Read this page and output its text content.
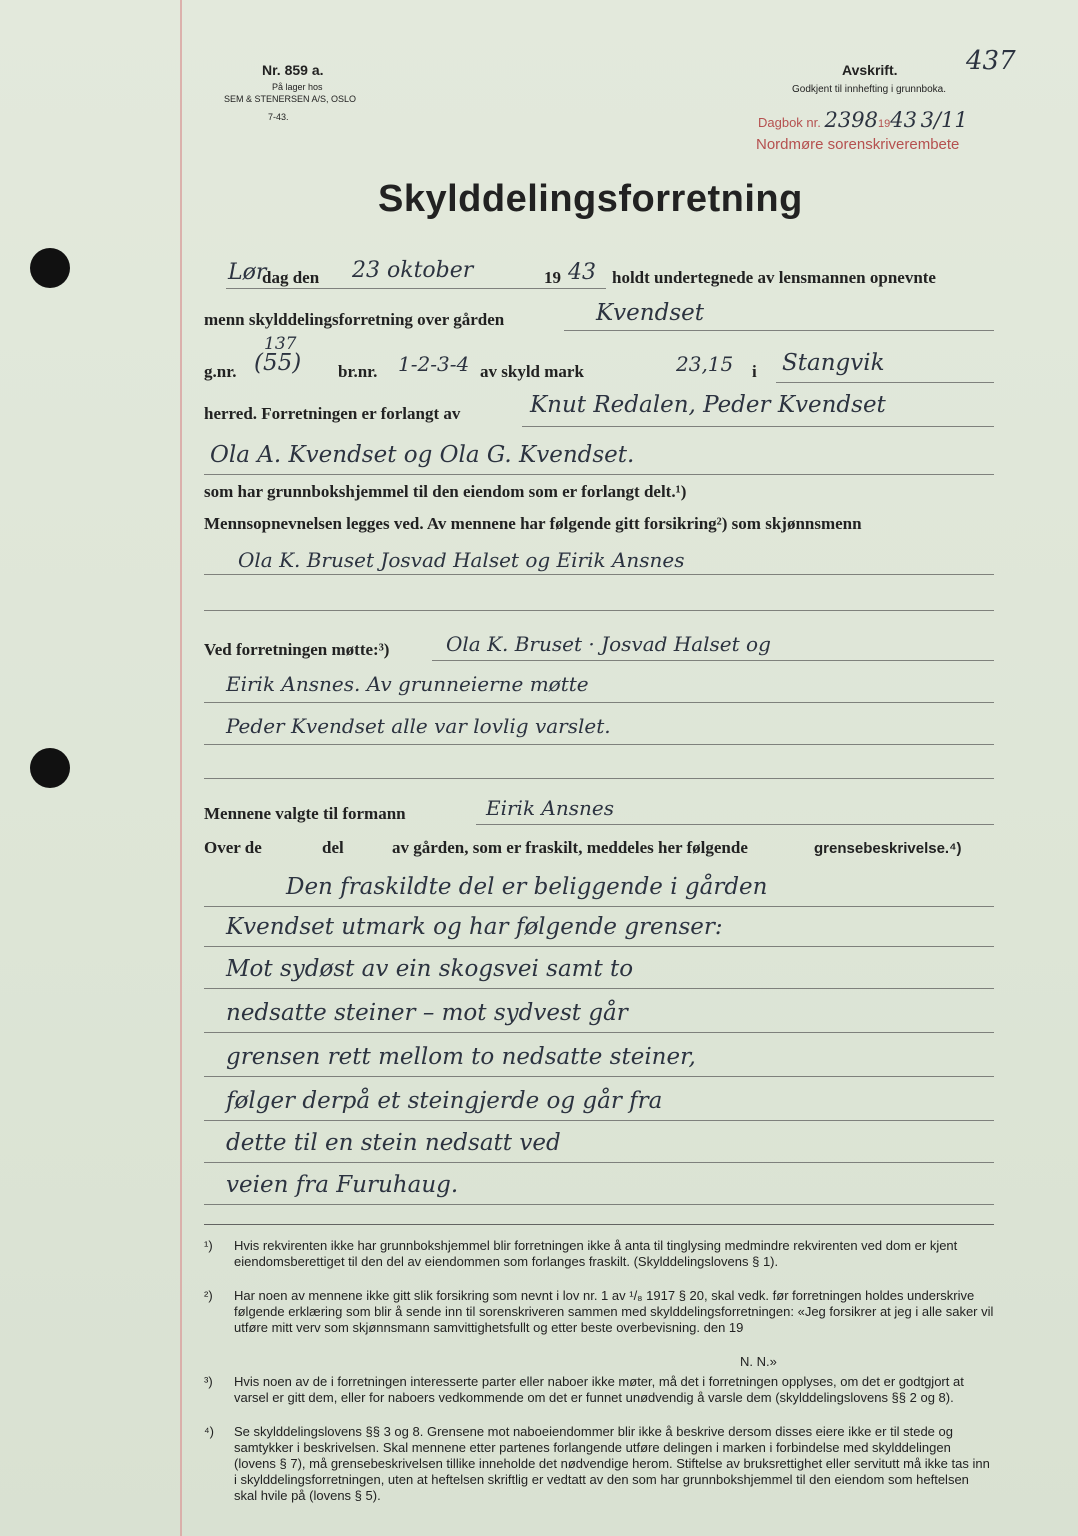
Nr. 859 a.
På lager hos
SEM & STENERSEN A/S, OSLO
7-43.
Avskrift.
Godkjent til innhefting i grunnboka.
437
Dagbok nr. 23981943 3/11
Nordmøre sorenskriverembete
Skylddelingsforretning
Lør
dag den 23 oktober	19 43 holdt undertegnede av lensmannen opnevnte
menn skylddelingsforretning over gården	Kvendset
137
g.nr. (55) br.nr. 1-2-3-4 av skyld mark	23,15 i Stangvik
herred. Forretningen er forlangt av	Knut Redalen, Peder Kvendset
Ola A. Kvendset og Ola G. Kvendset.
som har grunnbokshjemmel til den eiendom som er forlangt delt.¹)
Mennsopnevnelsen legges ved. Av mennene har følgende gitt forsikring²) som skjønnsmenn
Ola K. Bruset Josvad Halset og Eirik Ansnes
Ved forretningen møtte:³)	Ola K. Bruset · Josvad Halset og
Eirik Ansnes. Av grunneierne møtte
Peder Kvendset alle var lovlig varslet.
Mennene valgte til formann	Eirik Ansnes
Over de	del	av gården, som er fraskilt, meddeles her følgende	grensebeskrivelse.⁴)
Den fraskildte del er beliggende i gården
Kvendset utmark og har følgende grenser:
Mot sydøst av ein skogsvei samt to
nedsatte steiner – mot sydvest går
grensen rett mellom to nedsatte steiner,
følger derpå et steingjerde og går fra
dette til en stein nedsatt ved
veien fra Furuhaug.
¹) Hvis rekvirenten ikke har grunnbokshjemmel blir forretningen ikke å anta til tinglysing medmindre rekvirenten ved dom er kjent eiendomsberettiget til den del av eiendommen som forlanges fraskilt. (Skylddelingslovens § 1).
²) Har noen av mennene ikke gitt slik forsikring som nevnt i lov nr. 1 av ¹/₈ 1917 § 20, skal vedk. før forretningen holdes underskrive følgende erklæring som blir å sende inn til sorenskriveren sammen med skylddelingsforretningen: «Jeg forsikrer at jeg i alle saker vil utføre mitt verv som skjønnsmann samvittighetsfullt og etter beste overbevisning. den 19
N. N.»
³) Hvis noen av de i forretningen interesserte parter eller naboer ikke møter, må det i forretningen opplyses, om det er godtgjort at varsel er gitt dem, eller for naboers vedkommende om det er funnet unødvendig å varsle dem (skylddelingslovens §§ 2 og 8).
⁴) Se skylddelingslovens §§ 3 og 8. Grensene mot naboeiendommer blir ikke å beskrive dersom disses eiere ikke er til stede og samtykker i beskrivelsen. Skal mennene etter partenes forlangende utføre delingen i marken i forbindelse med skylddelingen (lovens § 7), må grensebeskrivelsen tillike inneholde det nødvendige herom. Stiftelse av bruksrettighet eller servitutt må ikke tas inn i skylddelingsforretningen, uten at heftelsen skriftlig er vedtatt av den som har grunnbokshjemmel til den eiendom som heftelsen skal hvile på (lovens § 5).
